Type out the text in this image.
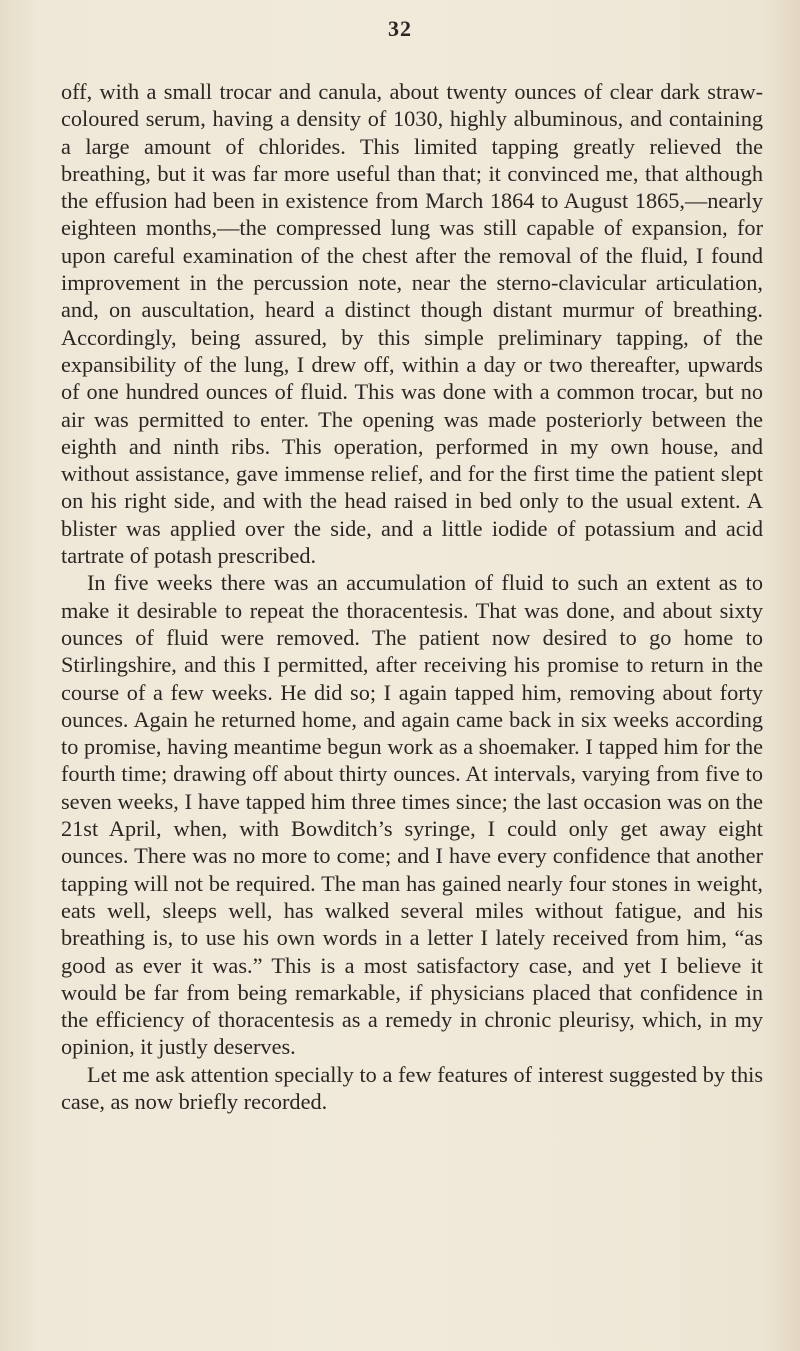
32

off, with a small trocar and canula, about twenty ounces of clear dark straw-coloured serum, having a density of 1030, highly albuminous, and containing a large amount of chlorides. This limited tapping greatly relieved the breathing, but it was far more useful than that; it convinced me, that although the effusion had been in existence from March 1864 to August 1865,—nearly eighteen months,—the compressed lung was still capable of expansion, for upon careful examination of the chest after the removal of the fluid, I found improvement in the percussion note, near the sterno-clavicular articulation, and, on auscultation, heard a distinct though distant murmur of breathing. Accordingly, being assured, by this simple preliminary tapping, of the expansibility of the lung, I drew off, within a day or two thereafter, upwards of one hundred ounces of fluid. This was done with a common trocar, but no air was permitted to enter. The opening was made posteriorly between the eighth and ninth ribs. This operation, performed in my own house, and without assistance, gave immense relief, and for the first time the patient slept on his right side, and with the head raised in bed only to the usual extent. A blister was applied over the side, and a little iodide of potassium and acid tartrate of potash prescribed.

In five weeks there was an accumulation of fluid to such an extent as to make it desirable to repeat the thoracentesis. That was done, and about sixty ounces of fluid were removed. The patient now desired to go home to Stirlingshire, and this I permitted, after receiving his promise to return in the course of a few weeks. He did so; I again tapped him, removing about forty ounces. Again he returned home, and again came back in six weeks according to promise, having meantime begun work as a shoemaker. I tapped him for the fourth time; drawing off about thirty ounces. At intervals, varying from five to seven weeks, I have tapped him three times since; the last occasion was on the 21st April, when, with Bowditch’s syringe, I could only get away eight ounces. There was no more to come; and I have every confidence that another tapping will not be required. The man has gained nearly four stones in weight, eats well, sleeps well, has walked several miles without fatigue, and his breathing is, to use his own words in a letter I lately received from him, “as good as ever it was.” This is a most satisfactory case, and yet I believe it would be far from being remarkable, if physicians placed that confidence in the efficiency of thoracentesis as a remedy in chronic pleurisy, which, in my opinion, it justly deserves.

Let me ask attention specially to a few features of interest suggested by this case, as now briefly recorded.
